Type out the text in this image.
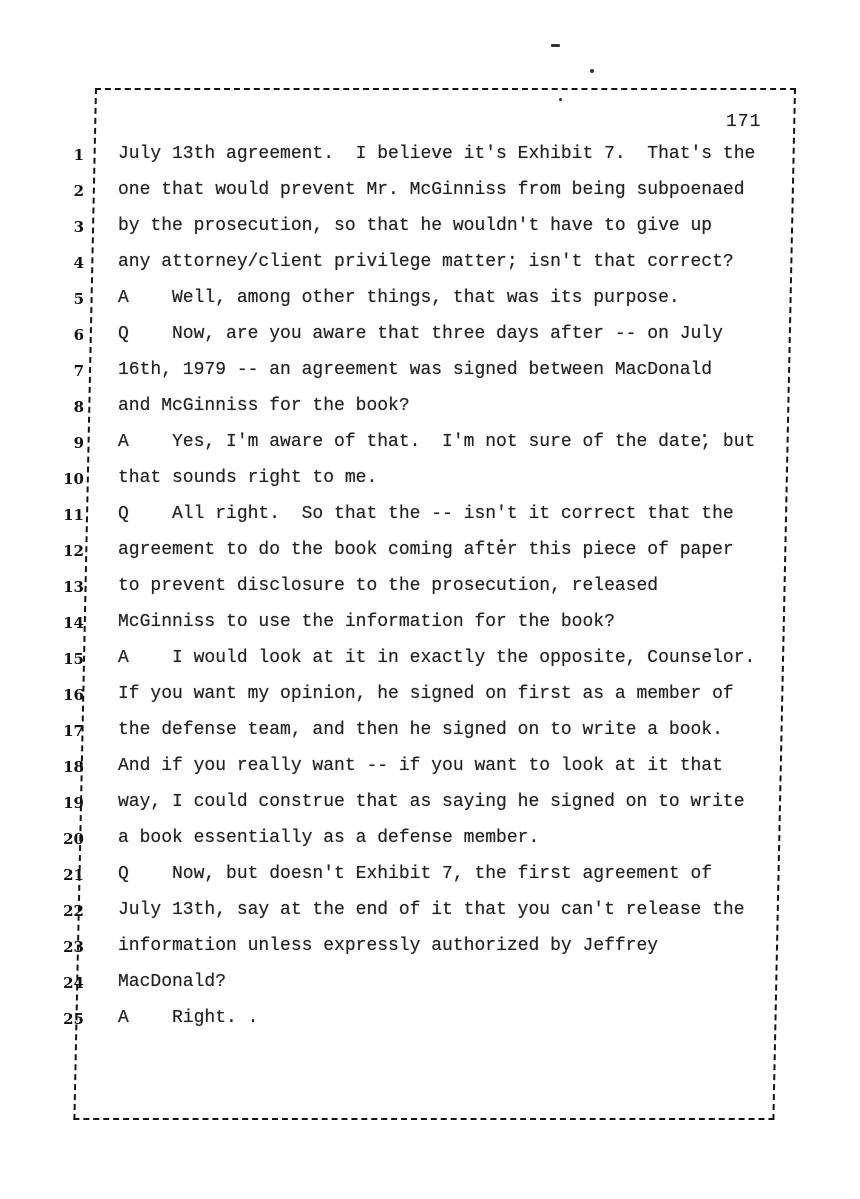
171
1 July 13th agreement.  I believe it's Exhibit 7.  That's the
2 one that would prevent Mr. McGinniss from being subpoenaed
3 by the prosecution, so that he wouldn't have to give up
4 any attorney/client privilege matter; isn't that correct?
5 A    Well, among other things, that was its purpose.
6 Q    Now, are you aware that three days after -- on July
7 16th, 1979 -- an agreement was signed between MacDonald
8 and McGinniss for the book?
9 A    Yes, I'm aware of that.  I'm not sure of the date, but
10 that sounds right to me.
11 Q    All right.  So that the -- isn't it correct that the
12 agreement to do the book coming after this piece of paper
13 to prevent disclosure to the prosecution, released
14 McGinniss to use the information for the book?
15 A    I would look at it in exactly the opposite, Counselor.
16 If you want my opinion, he signed on first as a member of
17 the defense team, and then he signed on to write a book.
18 And if you really want -- if you want to look at it that
19 way, I could construe that as saying he signed on to write
20 a book essentially as a defense member.
21 Q    Now, but doesn't Exhibit 7, the first agreement of
22 July 13th, say at the end of it that you can't release the
23 information unless expressly authorized by Jeffrey
24 MacDonald?
25 A    Right. .
